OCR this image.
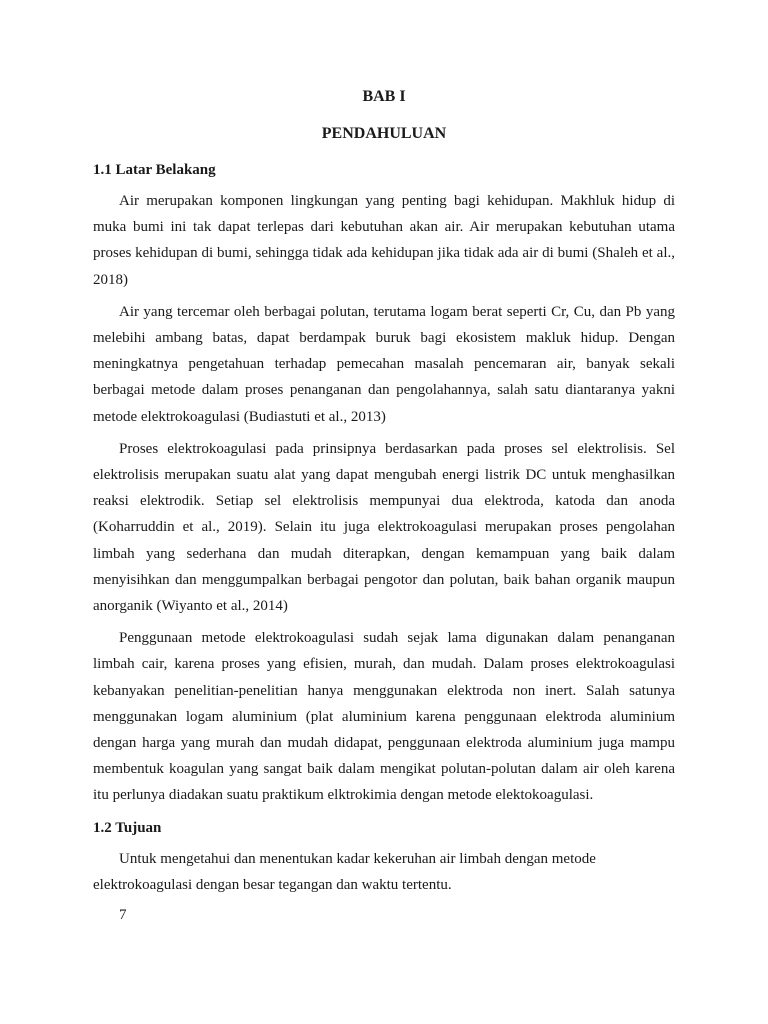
BAB I
PENDAHULUAN
1.1 Latar Belakang

Air merupakan komponen lingkungan yang penting bagi kehidupan. Makhluk hidup di muka bumi ini tak dapat terlepas dari kebutuhan akan air. Air merupakan kebutuhan utama proses kehidupan di bumi, sehingga tidak ada kehidupan jika tidak ada air di bumi (Shaleh et al., 2018)

Air yang tercemar oleh berbagai polutan, terutama logam berat seperti Cr, Cu, dan Pb yang melebihi ambang batas, dapat berdampak buruk bagi ekosistem makluk hidup. Dengan meningkatnya pengetahuan terhadap pemecahan masalah pencemaran air, banyak sekali berbagai metode dalam proses penanganan dan pengolahannya, salah satu diantaranya yakni metode elektrokoagulasi (Budiastuti et al., 2013)

Proses elektrokoagulasi pada prinsipnya berdasarkan pada proses sel elektrolisis. Sel elektrolisis merupakan suatu alat yang dapat mengubah energi listrik DC untuk menghasilkan reaksi elektrodik. Setiap sel elektrolisis mempunyai dua elektroda, katoda dan anoda (Koharruddin et al., 2019). Selain itu juga elektrokoagulasi merupakan proses pengolahan limbah yang sederhana dan mudah diterapkan, dengan kemampuan yang baik dalam menyisihkan dan menggumpalkan berbagai pengotor dan polutan, baik bahan organik maupun anorganik (Wiyanto et al., 2014)

Penggunaan metode elektrokoagulasi sudah sejak lama digunakan dalam penanganan limbah cair, karena proses yang efisien, murah, dan mudah. Dalam proses elektrokoagulasi kebanyakan penelitian-penelitian hanya menggunakan elektroda non inert. Salah satunya menggunakan logam aluminium (plat aluminium karena penggunaan elektroda aluminium dengan harga yang murah dan mudah didapat, penggunaan elektroda aluminium juga mampu membentuk koagulan yang sangat baik dalam mengikat polutan-polutan dalam air oleh karena itu perlunya diadakan suatu praktikum elktrokimia dengan metode elektokoagulasi.

1.2 Tujuan

Untuk mengetahui dan menentukan kadar kekeruhan air limbah dengan metode elektrokoagulasi dengan besar tegangan dan waktu tertentu.

7
